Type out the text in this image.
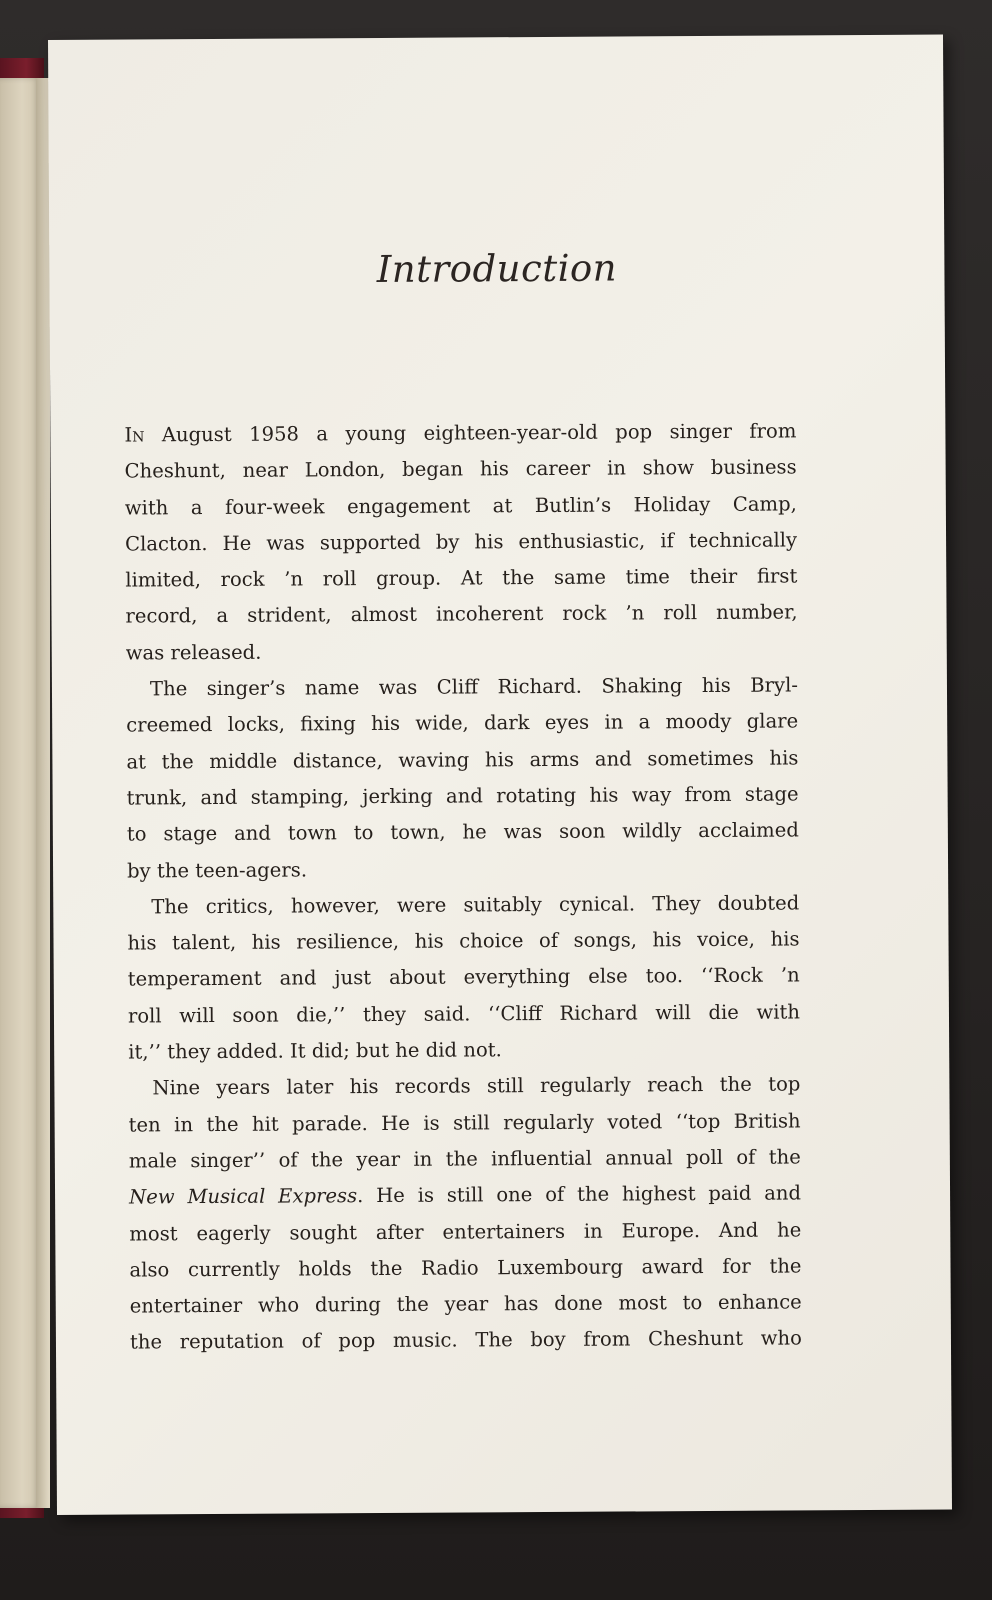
Introduction
In August 1958 a young eighteen-year-old pop singer from
Cheshunt, near London, began his career in show business
with a four-week engagement at Butlin’s Holiday Camp,
Clacton. He was supported by his enthusiastic, if technically
limited, rock ’n roll group. At the same time their first
record, a strident, almost incoherent rock ’n roll number,
was released.
The singer’s name was Cliff Richard. Shaking his Bryl-
creemed locks, fixing his wide, dark eyes in a moody glare
at the middle distance, waving his arms and sometimes his
trunk, and stamping, jerking and rotating his way from stage
to stage and town to town, he was soon wildly acclaimed
by the teen-agers.
The critics, however, were suitably cynical. They doubted
his talent, his resilience, his choice of songs, his voice, his
temperament and just about everything else too. ‘‘Rock ’n
roll will soon die,’’ they said. ‘‘Cliff Richard will die with
it,’’ they added. It did; but he did not.
Nine years later his records still regularly reach the top
ten in the hit parade. He is still regularly voted ‘‘top British
male singer’’ of the year in the influential annual poll of the
New Musical Express. He is still one of the highest paid and
most eagerly sought after entertainers in Europe. And he
also currently holds the Radio Luxembourg award for the
entertainer who during the year has done most to enhance
the reputation of pop music. The boy from Cheshunt who
